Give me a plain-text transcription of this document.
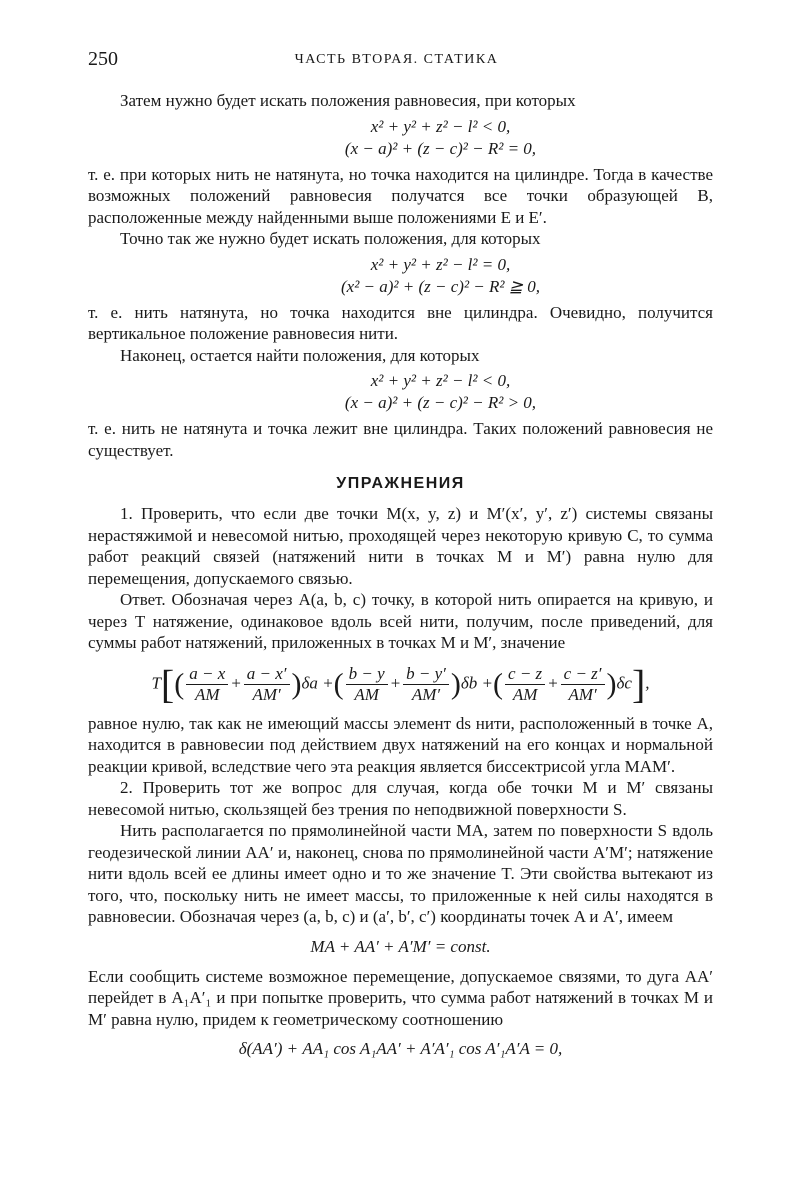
250	ЧАСТЬ ВТОРАЯ. СТАТИКА

Затем нужно будет искать положения равновесия, при которых

x² + y² + z² − l² < 0,
(x − a)² + (z − c)² − R² = 0,

т. е. при которых нить не натянута, но точка находится на цилиндре. Тогда в качестве возможных положений равновесия получатся все точки образующей B, расположенные между найденными выше положениями E и E′.

Точно так же нужно будет искать положения, для которых

x² + y² + z² − l² = 0,
(x² − a)² + (z − c)² − R² ≧ 0,

т. е. нить натянута, но точка находится вне цилиндра. Очевидно, получится вертикальное положение равновесия нити.

Наконец, остается найти положения, для которых

x² + y² + z² − l² < 0,
(x − a)² + (z − c)² − R² > 0,

т. е. нить не натянута и точка лежит вне цилиндра. Таких положений равновесия не существует.

УПРАЖНЕНИЯ

1. Проверить, что если две точки M(x, y, z) и M′(x′, y′, z′) системы связаны нерастяжимой и невесомой нитью, проходящей через некоторую кривую C, то сумма работ реакций связей (натяжений нити в точках M и M′) равна нулю для перемещения, допускаемого связью.

Ответ. Обозначая через A(a, b, c) точку, в которой нить опирается на кривую, и через T натяжение, одинаковое вдоль всей нити, получим, после приведений, для суммы работ натяжений, приложенных в точках M и M′, значение

$T[( \frac{a - x}{AM} + \frac{a - x'}{AM'} )\delta a$ +( $\frac{b - y}{AM} + \frac{b - y'}{AM'} )\delta b$ +( $\frac{c - z}{AM} + \frac{c - z'}{AM'} )\delta c$],

равное нулю, так как не имеющий массы элемент ds нити, расположенный в точке A, находится в равновесии под действием двух натяжений на его концах и нормальной реакции кривой, вследствие чего эта реакция является биссектрисой угла MAM′.

2. Проверить тот же вопрос для случая, когда обе точки M и M′ связаны невесомой нитью, скользящей без трения по неподвижной поверхности S.

Нить располагается по прямолинейной части MA, затем по поверхности S вдоль геодезической линии AA′ и, наконец, снова по прямолинейной части A′M′; натяжение нити вдоль всей ее длины имеет одно и то же значение T. Эти свойства вытекают из того, что, поскольку нить не имеет массы, то приложенные к ней силы находятся в равновесии. Обозначая через (a, b, c) и (a′, b′, c′) координаты точек A и A′, имеем

MA + AA′ + A′M′ = const.

Если сообщить системе возможное перемещение, допускаемое связями, то дуга AA′ перейдет в A₁A′₁ и при попытке проверить, что сумма работ натяжений в точках M и M′ равна нулю, придем к геометрическому соотношению

δ(AA′) + AA₁ cos A₁AA′ + A′A′₁ cos A′₁A′A = 0,
